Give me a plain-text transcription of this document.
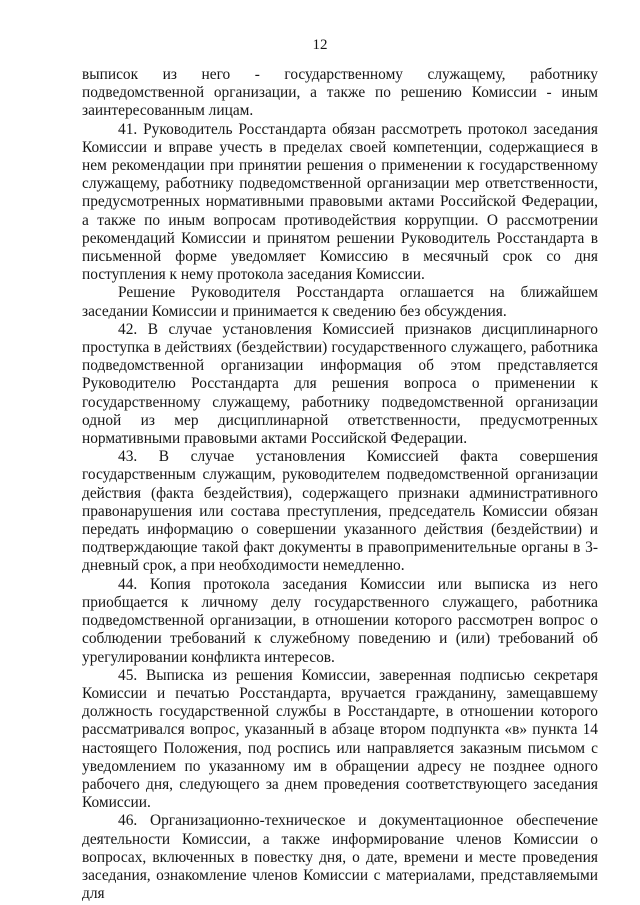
12

выписок из него - государственному служащему, работнику подведомственной организации, а также по решению Комиссии - иным заинтересованным лицам.

41. Руководитель Росстандарта обязан рассмотреть протокол заседания Комиссии и вправе учесть в пределах своей компетенции, содержащиеся в нем рекомендации при принятии решения о применении к государственному служащему, работнику подведомственной организации мер ответственности, предусмотренных нормативными правовыми актами Российской Федерации, а также по иным вопросам противодействия коррупции. О рассмотрении рекомендаций Комиссии и принятом решении Руководитель Росстандарта в письменной форме уведомляет Комиссию в месячный срок со дня поступления к нему протокола заседания Комиссии.

Решение Руководителя Росстандарта оглашается на ближайшем заседании Комиссии и принимается к сведению без обсуждения.

42. В случае установления Комиссией признаков дисциплинарного проступка в действиях (бездействии) государственного служащего, работника подведомственной организации информация об этом представляется Руководителю Росстандарта для решения вопроса о применении к государственному служащему, работнику подведомственной организации одной из мер дисциплинарной ответственности, предусмотренных нормативными правовыми актами Российской Федерации.

43. В случае установления Комиссией факта совершения государственным служащим, руководителем подведомственной организации действия (факта бездействия), содержащего признаки административного правонарушения или состава преступления, председатель Комиссии обязан передать информацию о совершении указанного действия (бездействии) и подтверждающие такой факт документы в правоприменительные органы в 3-дневный срок, а при необходимости немедленно.

44. Копия протокола заседания Комиссии или выписка из него приобщается к личному делу государственного служащего, работника подведомственной организации, в отношении которого рассмотрен вопрос о соблюдении требований к служебному поведению и (или) требований об урегулировании конфликта интересов.

45. Выписка из решения Комиссии, заверенная подписью секретаря Комиссии и печатью Росстандарта, вручается гражданину, замещавшему должность государственной службы в Росстандарте, в отношении которого рассматривался вопрос, указанный в абзаце втором подпункта «в» пункта 14 настоящего Положения, под роспись или направляется заказным письмом с уведомлением по указанному им в обращении адресу не позднее одного рабочего дня, следующего за днем проведения соответствующего заседания Комиссии.

46. Организационно-техническое и документационное обеспечение деятельности Комиссии, а также информирование членов Комиссии о вопросах, включенных в повестку дня, о дате, времени и месте проведения заседания, ознакомление членов Комиссии с материалами, представляемыми для
